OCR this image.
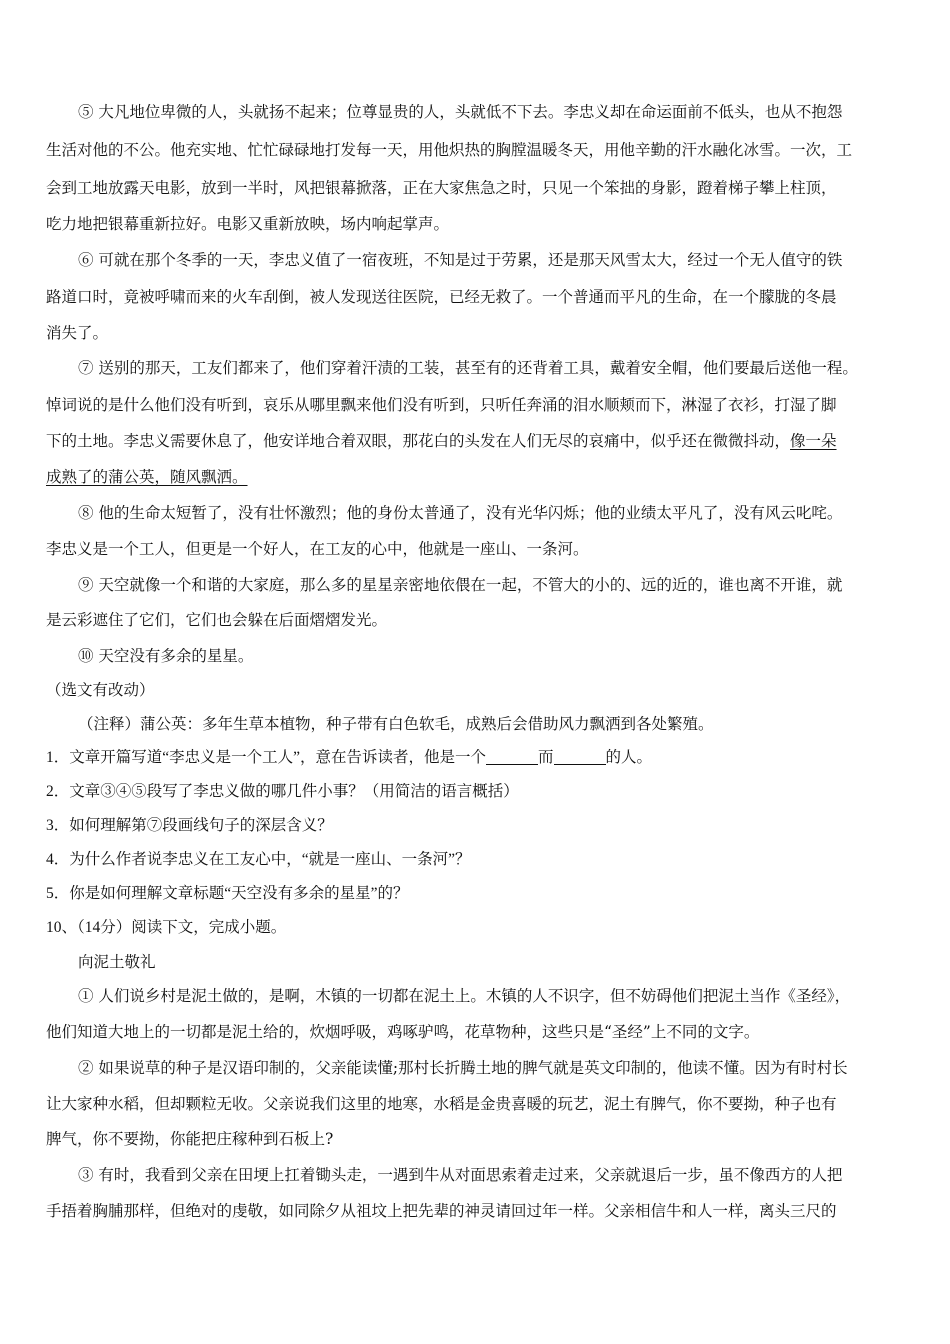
⑤ 大凡地位卑微的人，头就扬不起来；位尊显贵的人，头就低不下去。李忠义却在命运面前不低头，也从不抱怨
生活对他的不公。他充实地、忙忙碌碌地打发每一天，用他炽热的胸膛温暖冬天，用他辛勤的汗水融化冰雪。一次，工
会到工地放露天电影，放到一半时，风把银幕掀落，正在大家焦急之时，只见一个笨拙的身影，蹬着梯子攀上柱顶，
吃力地把银幕重新拉好。电影又重新放映，场内响起掌声。
⑥ 可就在那个冬季的一天，李忠义值了一宿夜班，不知是过于劳累，还是那天风雪太大，经过一个无人值守的铁
路道口时，竟被呼啸而来的火车刮倒，被人发现送往医院，已经无救了。一个普通而平凡的生命，在一个朦胧的冬晨
消失了。
⑦ 送别的那天，工友们都来了，他们穿着汗渍的工装，甚至有的还背着工具，戴着安全帽，他们要最后送他一程。
悼词说的是什么他们没有听到，哀乐从哪里飘来他们没有听到，只听任奔涌的泪水顺颊而下，淋湿了衣衫，打湿了脚
下的土地。李忠义需要休息了，他安详地合着双眼，那花白的头发在人们无尽的哀痛中，似乎还在微微抖动，像一朵
成熟了的蒲公英，随风飘洒。
⑧ 他的生命太短暂了，没有壮怀激烈；他的身份太普通了，没有光华闪烁；他的业绩太平凡了，没有风云叱咤。
李忠义是一个工人，但更是一个好人，在工友的心中，他就是一座山、一条河。
⑨ 天空就像一个和谐的大家庭，那么多的星星亲密地依偎在一起，不管大的小的、远的近的，谁也离不开谁，就
是云彩遮住了它们，它们也会躲在后面熠熠发光。
⑩ 天空没有多余的星星。
（选文有改动）
（注释）蒲公英：多年生草本植物，种子带有白色软毛，成熟后会借助风力飘洒到各处繁殖。
1．文章开篇写道“李忠义是一个工人”，意在告诉读者，他是一个	而	的人。
2．文章③④⑤段写了李忠义做的哪几件小事？（用简洁的语言概括）
3．如何理解第⑦段画线句子的深层含义？
4．为什么作者说李忠义在工友心中，“就是一座山、一条河”？
5．你是如何理解文章标题“天空没有多余的星星”的？
10、（14分）阅读下文，完成小题。
向泥土敬礼
① 人们说乡村是泥土做的，是啊，木镇的一切都在泥土上。木镇的人不识字，但不妨碍他们把泥土当作《圣经》，
他们知道大地上的一切都是泥土给的，炊烟呼吸，鸡啄驴鸣，花草物种，这些只是“圣经”上不同的文字。
② 如果说草的种子是汉语印制的，父亲能读懂;那村长折腾土地的脾气就是英文印制的，他读不懂。因为有时村长
让大家种水稻，但却颗粒无收。父亲说我们这里的地寒，水稻是金贵喜暖的玩艺，泥土有脾气，你不要拗，种子也有
脾气，你不要拗，你能把庄稼种到石板上?
③ 有时，我看到父亲在田埂上扛着锄头走，一遇到牛从对面思索着走过来，父亲就退后一步，虽不像西方的人把
手捂着胸脯那样，但绝对的虔敬，如同除夕从祖坟上把先辈的神灵请回过年一样。父亲相信牛和人一样，离头三尺的
